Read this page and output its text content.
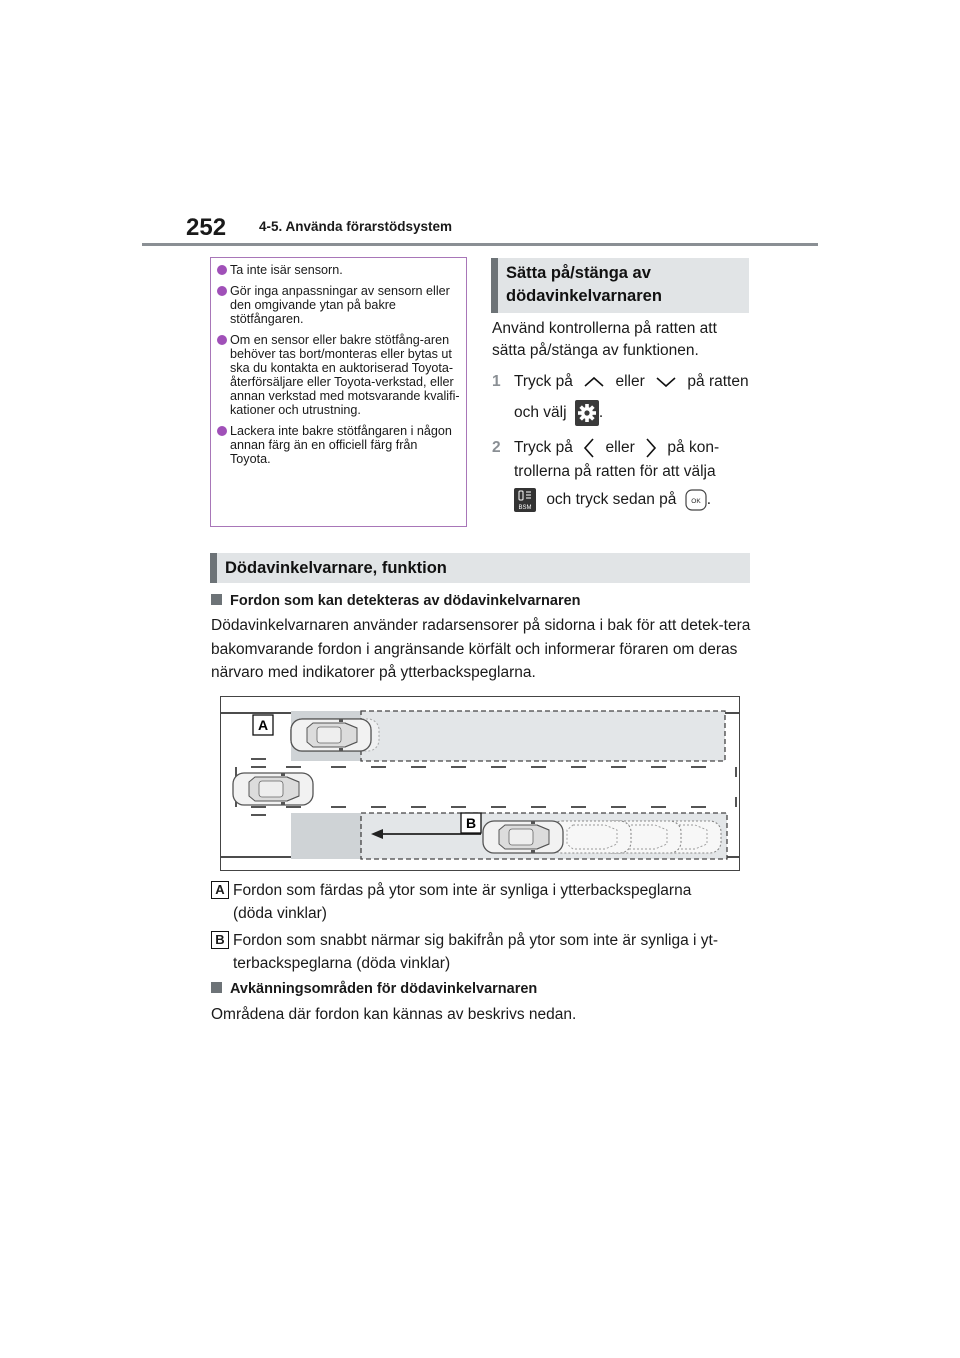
252 4-5. Använda förarstödsystem
Ta inte isär sensorn.
Gör inga anpassningar av sensorn eller den omgivande ytan på bakre stötfångaren.
Om en sensor eller bakre stötfång-aren behöver tas bort/monteras eller bytas ut ska du kontakta en auktoriserad Toyota-återförsäljare eller Toyota-verkstad, eller annan verkstad med motsvarande kvalifi-kationer och utrustning.
Lackera inte bakre stötfångaren i någon annan färg än en officiell färg från Toyota.
Sätta på/stänga av dödavinkelvarnaren
Använd kontrollerna på ratten att sätta på/stänga av funktionen.
1 Tryck på	eller	på ratten
och välj .
2 Tryck på eller på kon-
trollerna på ratten för att välja
BSM och tryck sedan på OK .
Dödavinkelvarnare, funktion
Fordon som kan detekteras av dödavinkelvarnaren
Dödavinkelvarnaren använder radarsensorer på sidorna i bak för att detek-tera bakomvarande fordon i angränsande körfält och informerar föraren om deras närvaro med indikatorer på ytterbackspeglarna.
A
B
A Fordon som färdas på ytor som inte är synliga i ytterbackspeglarna
(döda vinklar)
B Fordon som snabbt närmar sig bakifrån på ytor som inte är synliga i yt-
terbackspeglarna (döda vinklar)
Avkänningsområden för dödavinkelvarnaren
Områdena där fordon kan kännas av beskrivs nedan.
